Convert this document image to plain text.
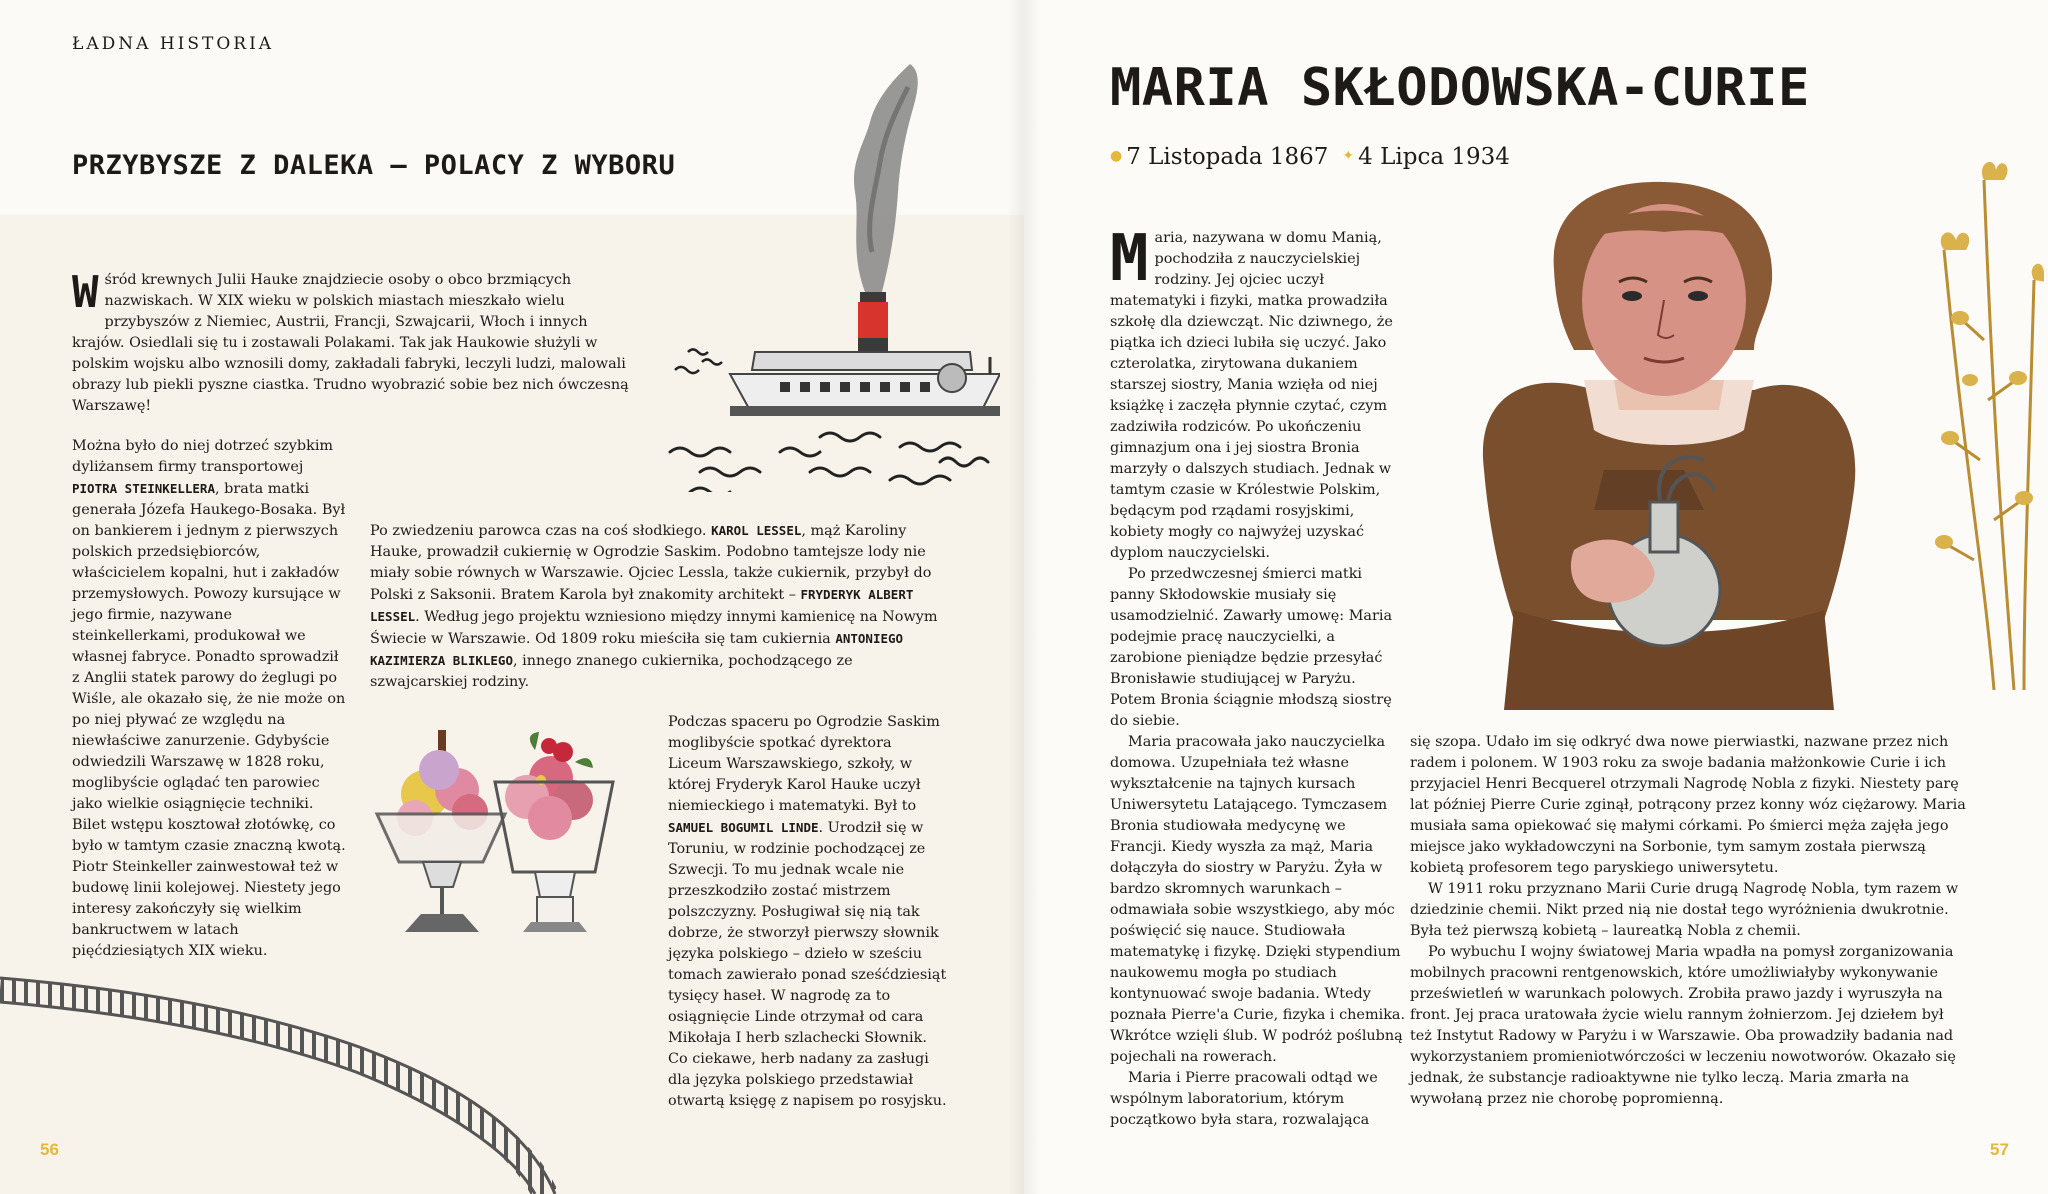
ŁADNA HISTORIA
PRZYBYSZE Z DALEKA – POLACY Z WYBORU

Wśród krewnych Julii Hauke znajdziecie osoby o obco brzmiących nazwiskach. W XIX wieku w polskich miastach mieszkało wielu przybyszów z Niemiec, Austrii, Francji, Szwajcarii, Włoch i innych krajów. Osiedlali się tu i zostawali Polakami. Tak jak Haukowie służyli w polskim wojsku albo wznosili domy, zakładali fabryki, leczyli ludzi, malowali obrazy lub piekli pyszne ciastka. Trudno wyobrazić sobie bez nich ówczesną Warszawę!

Można było do niej dotrzeć szybkim dyliżansem firmy transportowej PIOTRA STEINKELLERA, brata matki generała Józefa Haukego-Bosaka. Był on bankierem i jednym z pierwszych polskich przedsiębiorców, właścicielem kopalni, hut i zakładów przemysłowych. Powozy kursujące w jego firmie, nazywane steinkellerkami, produkował we własnej fabryce. Ponadto sprowadził z Anglii statek parowy do żeglugi po Wiśle, ale okazało się, że nie może on po niej pływać ze względu na niewłaściwe zanurzenie. Gdybyście odwiedzili Warszawę w 1828 roku, moglibyście oglądać ten parowiec jako wielkie osiągnięcie techniki. Bilet wstępu kosztował złotówkę, co było w tamtym czasie znaczną kwotą. Piotr Steinkeller zainwestował też w budowę linii kolejowej. Niestety jego interesy zakończyły się wielkim bankructwem w latach pięćdziesiątych XIX wieku.

Po zwiedzeniu parowca czas na coś słodkiego. KAROL LESSEL, mąż Karoliny Hauke, prowadził cukiernię w Ogrodzie Saskim. Podobno tamtejsze lody nie miały sobie równych w Warszawie. Ojciec Lessla, także cukiernik, przybył do Polski z Saksonii. Bratem Karola był znakomity architekt – FRYDERYK ALBERT LESSEL. Według jego projektu wzniesiono między innymi kamienicę na Nowym Świecie w Warszawie. Od 1809 roku mieściła się tam cukiernia ANTONIEGO KAZIMIERZA BLIKLEGO, innego znanego cukiernika, pochodzącego ze szwajcarskiej rodziny.

Podczas spaceru po Ogrodzie Saskim moglibyście spotkać dyrektora Liceum Warszawskiego, szkoły, w której Fryderyk Karol Hauke uczył niemieckiego i matematyki. Był to SAMUEL BOGUMIL LINDE. Urodził się w Toruniu, w rodzinie pochodzącej ze Szwecji. To mu jednak wcale nie przeszkodziło zostać mistrzem polszczyzny. Posługiwał się nią tak dobrze, że stworzył pierwszy słownik języka polskiego – dzieło w sześciu tomach zawierało ponad sześćdziesiąt tysięcy haseł. W nagrodę za to osiągnięcie Linde otrzymał od cara Mikołaja I herb szlachecki Słownik. Co ciekawe, herb nadany za zasługi dla języka polskiego przedstawiał otwartą księgę z napisem po rosyjsku.

56
MARIA SKŁODOWSKA-CURIE
● 7 Listopada 1867 ✦ 4 Lipca 1934

Maria, nazywana w domu Manią, pochodziła z nauczycielskiej rodziny. Jej ojciec uczył matematyki i fizyki, matka prowadziła szkołę dla dziewcząt. Nic dziwnego, że piątka ich dzieci lubiła się uczyć. Jako czterolatka, zirytowana dukaniem starszej siostry, Mania wzięła od niej książkę i zaczęła płynnie czytać, czym zadziwiła rodziców. Po ukończeniu gimnazjum ona i jej siostra Bronia marzyły o dalszych studiach. Jednak w tamtym czasie w Królestwie Polskim, będącym pod rządami rosyjskimi, kobiety mogły co najwyżej uzyskać dyplom nauczycielski.

Po przedwczesnej śmierci matki panny Skłodowskie musiały się usamodzielnić. Zawarły umowę: Maria podejmie pracę nauczycielki, a zarobione pieniądze będzie przesyłać Bronisławie studiującej w Paryżu. Potem Bronia ściągnie młodszą siostrę do siebie.

Maria pracowała jako nauczycielka domowa. Uzupełniała też własne wykształcenie na tajnych kursach Uniwersytetu Latającego. Tymczasem Bronia studiowała medycynę we Francji. Kiedy wyszła za mąż, Maria dołączyła do siostry w Paryżu. Żyła w bardzo skromnych warunkach – odmawiała sobie wszystkiego, aby móc poświęcić się nauce. Studiowała matematykę i fizykę. Dzięki stypendium naukowemu mogła po studiach kontynuować swoje badania. Wtedy poznała Pierre'a Curie, fizyka i chemika. Wkrótce wzięli ślub. W podróż poślubną pojechali na rowerach.

Maria i Pierre pracowali odtąd we wspólnym laboratorium, którym początkowo była stara, rozwalająca

się szopa. Udało im się odkryć dwa nowe pierwiastki, nazwane przez nich radem i polonem. W 1903 roku za swoje badania małżonkowie Curie i ich przyjaciel Henri Becquerel otrzymali Nagrodę Nobla z fizyki. Niestety parę lat później Pierre Curie zginął, potrącony przez konny wóz ciężarowy. Maria musiała sama opiekować się małymi córkami. Po śmierci męża zajęła jego miejsce jako wykładowczyni na Sorbonie, tym samym została pierwszą kobietą profesorem tego paryskiego uniwersytetu.

W 1911 roku przyznano Marii Curie drugą Nagrodę Nobla, tym razem w dziedzinie chemii. Nikt przed nią nie dostał tego wyróżnienia dwukrotnie. Była też pierwszą kobietą – laureatką Nobla z chemii.

Po wybuchu I wojny światowej Maria wpadła na pomysł zorganizowania mobilnych pracowni rentgenowskich, które umożliwiałyby wykonywanie prześwietleń w warunkach polowych. Zrobiła prawo jazdy i wyruszyła na front. Jej praca uratowała życie wielu rannym żołnierzom. Jej dziełem był też Instytut Radowy w Paryżu i w Warszawie. Oba prowadziły badania nad wykorzystaniem promieniotwórczości w leczeniu nowotworów. Okazało się jednak, że substancje radioaktywne nie tylko leczą. Maria zmarła na wywołaną przez nie chorobę popromienną.

57
